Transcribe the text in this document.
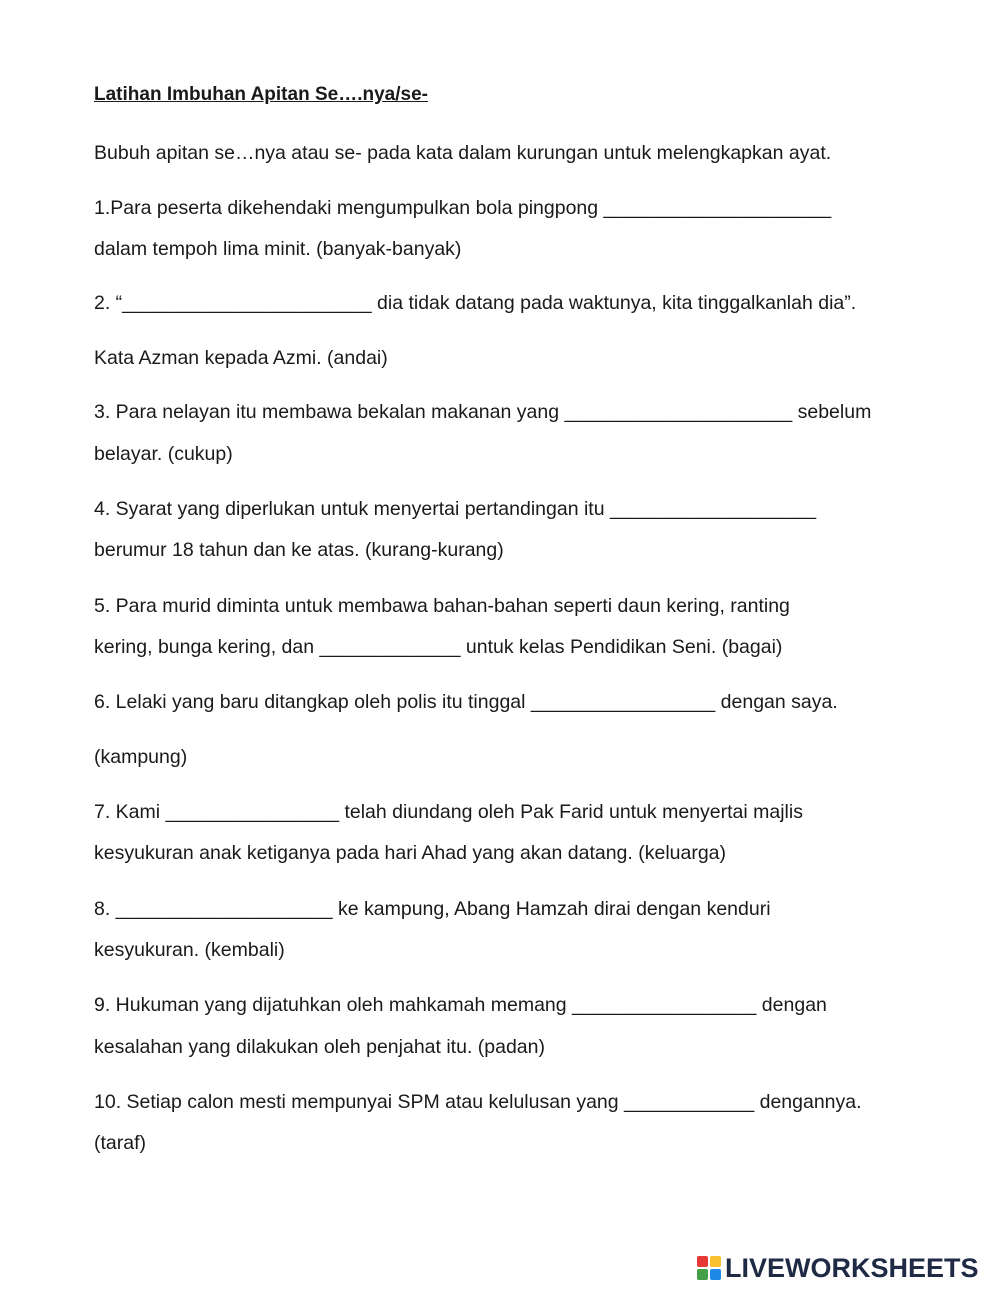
Latihan Imbuhan Apitan Se….nya/se-
Bubuh apitan se…nya atau se- pada kata dalam kurungan untuk melengkapkan ayat.
1.Para peserta dikehendaki mengumpulkan bola pingpong _____________________
dalam tempoh lima minit. (banyak-banyak)
2. “_______________________ dia tidak datang pada waktunya, kita tinggalkanlah dia”.
Kata Azman kepada Azmi. (andai)
3. Para nelayan itu membawa bekalan makanan yang _____________________ sebelum
belayar. (cukup)
4. Syarat yang diperlukan untuk menyertai pertandingan itu ___________________
berumur 18 tahun dan ke atas. (kurang-kurang)
5. Para murid diminta untuk membawa bahan-bahan seperti daun kering, ranting
kering, bunga kering, dan _____________ untuk kelas Pendidikan Seni. (bagai)
6. Lelaki yang baru ditangkap oleh polis itu tinggal _________________ dengan saya.
(kampung)
7. Kami ________________ telah diundang oleh Pak Farid untuk menyertai majlis
kesyukuran anak ketiganya pada hari Ahad yang akan datang. (keluarga)
8. ____________________ ke kampung, Abang Hamzah dirai dengan kenduri
kesyukuran. (kembali)
9. Hukuman yang dijatuhkan oleh mahkamah memang _________________ dengan
kesalahan yang dilakukan oleh penjahat itu. (padan)
10. Setiap calon mesti mempunyai SPM atau kelulusan yang ____________ dengannya.
(taraf)
LIVEWORKSHEETS
